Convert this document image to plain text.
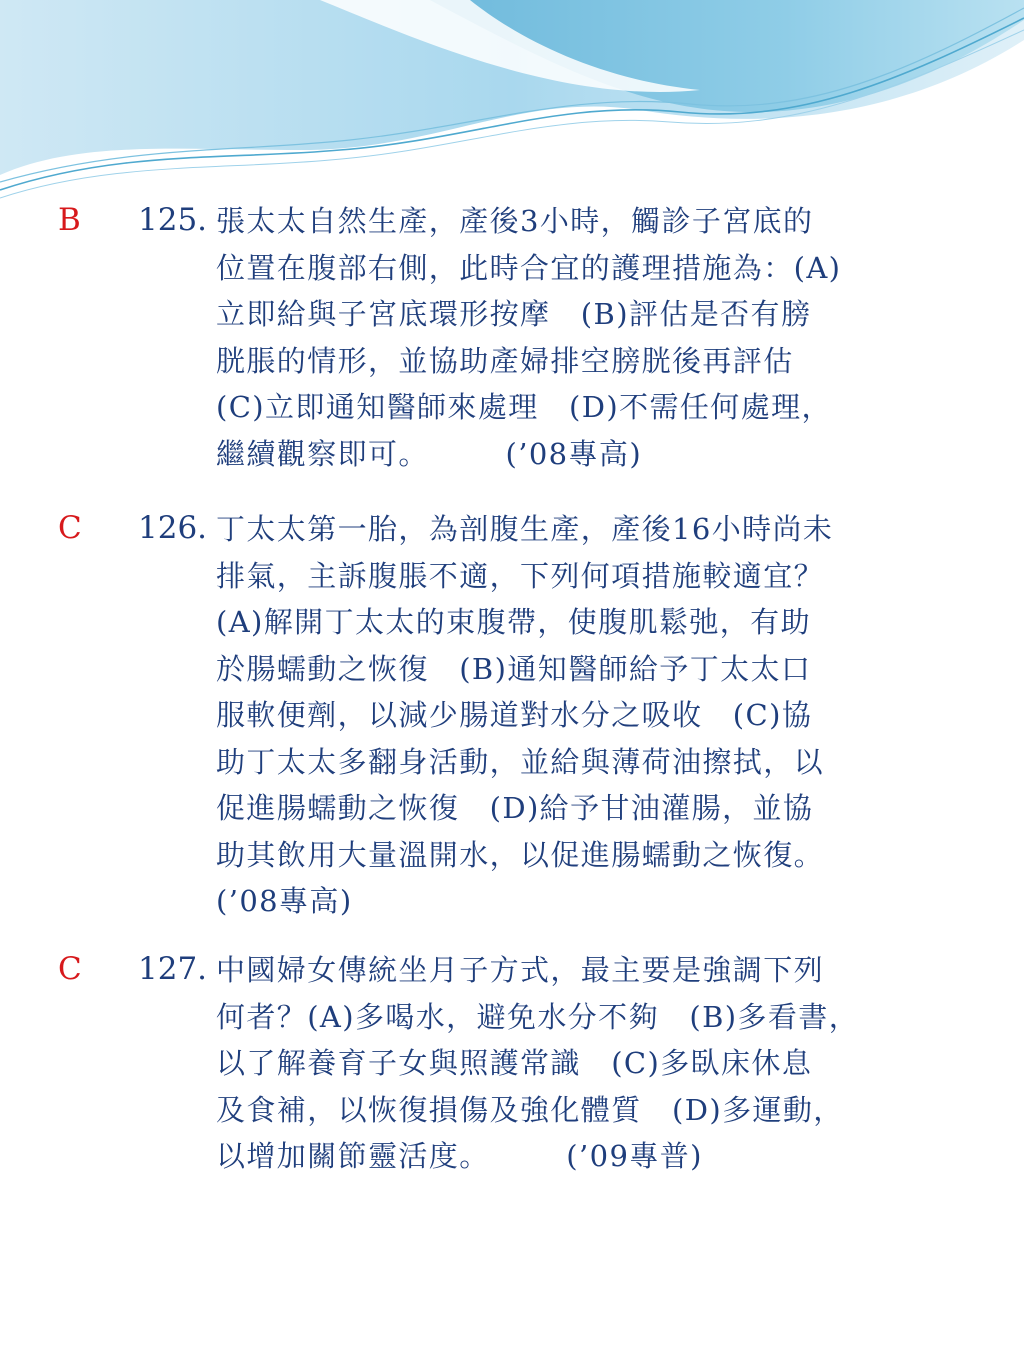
B 125. 張太太自然生產，產後3小時，觸診子宮底的
位置在腹部右側，此時合宜的護理措施為：(A)
立即給與子宮底環形按摩　(B)評估是否有膀
胱脹的情形，並協助產婦排空膀胱後再評估
(C)立即通知醫師來處理　(D)不需任何處理，
繼續觀察即可。　　　(’08專高)

C 126. 丁太太第一胎，為剖腹生產，產後16小時尚未
排氣，主訴腹脹不適，下列何項措施較適宜？
(A)解開丁太太的束腹帶，使腹肌鬆弛，有助
於腸蠕動之恢復　(B)通知醫師給予丁太太口
服軟便劑，以減少腸道對水分之吸收　(C)協
助丁太太多翻身活動，並給與薄荷油擦拭，以
促進腸蠕動之恢復　(D)給予甘油灌腸，並協
助其飲用大量溫開水，以促進腸蠕動之恢復。
(’08專高)

C 127. 中國婦女傳統坐月子方式，最主要是強調下列
何者？(A)多喝水，避免水分不夠　(B)多看書，
以了解養育子女與照護常識　(C)多臥床休息
及食補，以恢復損傷及強化體質　(D)多運動，
以增加關節靈活度。　　　(’09專普)
